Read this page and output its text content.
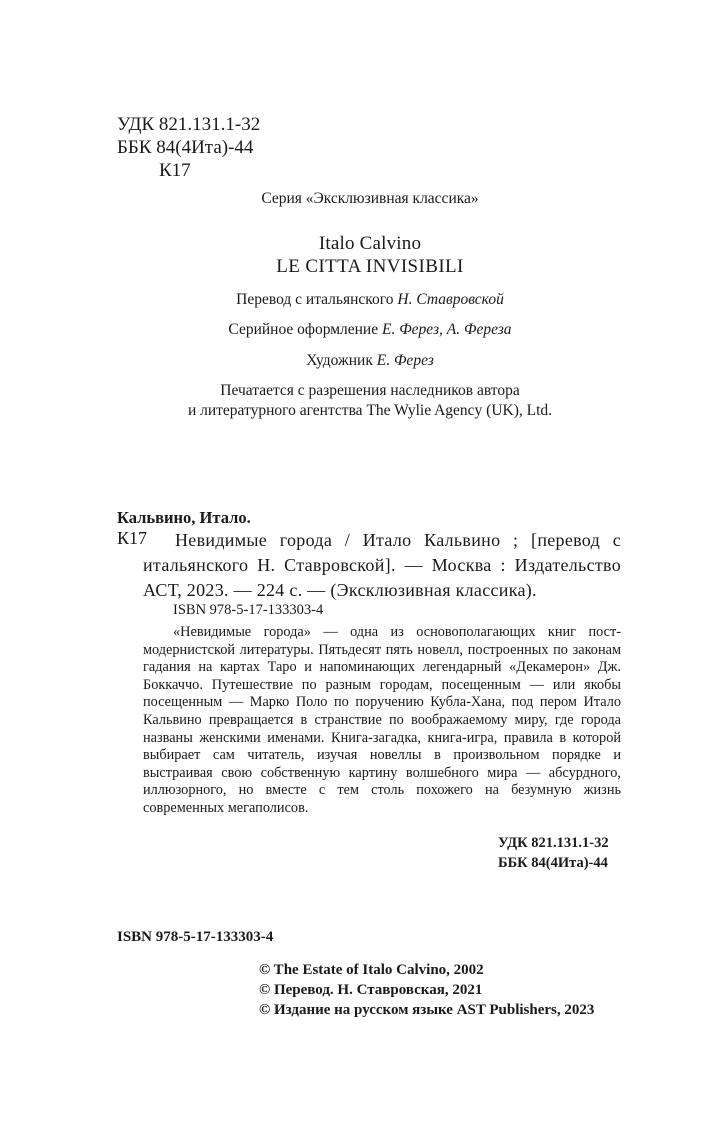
УДК 821.131.1-32
ББК 84(4Ита)-44
К17
Серия «Эксклюзивная классика»
Italo Calvino
LE CITTA INVISIBILI
Перевод с итальянского Н. Ставровской
Серийное оформление Е. Ферез, А. Фереза
Художник Е. Ферез
Печатается с разрешения наследников автора
и литературного агентства The Wylie Agency (UK), Ltd.
Кальвино, Итало.
К17	Невидимые города / Итало Кальвино ; [перевод с итальянского Н. Ставровской]. — Москва : Издательство АСТ, 2023. — 224 с. — (Эксклюзивная классика).
ISBN 978-5-17-133303-4
«Невидимые города» — одна из основополагающих книг пост-модернистской литературы. Пятьдесят пять новелл, построенных по законам гадания на картах Таро и напоминающих легендарный «Декамерон» Дж. Боккаччо. Путешествие по разным городам, посещенным — или якобы посещенным — Марко Поло по поручению Кубла-Хана, под пером Итало Кальвино превращается в странствие по воображаемому миру, где города названы женскими именами. Книга-загадка, книга-игра, правила в которой выбирает сам читатель, изучая новеллы в произвольном порядке и выстраивая свою собственную картину волшебного мира — абсурдного, иллюзорного, но вместе с тем столь похожего на безумную жизнь современных мегаполисов.
УДК 821.131.1-32
ББК 84(4Ита)-44
ISBN 978-5-17-133303-4
© The Estate of Italo Calvino, 2002
© Перевод. Н. Ставровская, 2021
© Издание на русском языке AST Publishers, 2023
